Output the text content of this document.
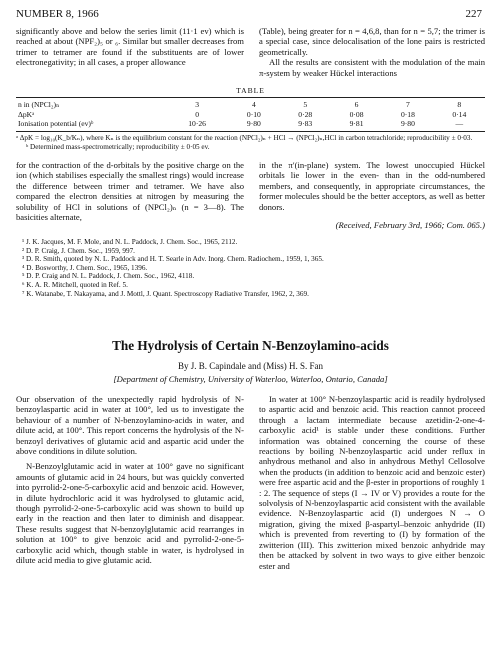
NUMBER 8, 1966	227

significantly above and below the series limit (11·1 ev) which is reached at about (NPF₂)₅ or ₆. Similar but smaller decreases from trimer to tetramer are found if the substituents are of lower electronegativity; in all cases, a proper allowance

(Table), being greater for n = 4,6,8, than for n = 5,7; the trimer is a special case, since delocalisation of the lone pairs is restricted geometrically.

All the results are consistent with the modulation of the main π-system by weaker Hückel interactions

TABLE
n in (NPCl₂)ₙ	3	4	5	6	7	8
ΔpKᵃ	0	0·10	0·28	0·08	0·18	0·14
Ionisation potential (ev)ᵇ	10·26	9·80	9·83	9·81	9·80	—
ᵃ ΔpK = log₁₀(K_b/Kₙ), where Kₙ is the equilibrium constant for the reaction (NPCl₂)ₙ + HCl → (NPCl₂)ₙ,HCl in carbon tetrachloride; reproducibility ± 0·03.
ᵇ Determined mass-spectrometrically; reproducibility ± 0·05 ev.

for the contraction of the d-orbitals by the positive charge on the ion (which stabilises especially the smallest rings) would increase the difference between trimer and tetramer. We have also compared the electron densities at nitrogen by measuring the solubility of HCl in solutions of (NPCl₂)ₙ (n = 3—8). The basicities alternate,

in the π′(in-plane) system. The lowest unoccupied Hückel orbitals lie lower in the even- than in the odd-numbered members, and consequently, in appropriate circumstances, the former molecules should be the better acceptors, as well as better donors.

(Received, February 3rd, 1966; Com. 065.)

¹ J. K. Jacques, M. F. Mole, and N. L. Paddock, J. Chem. Soc., 1965, 2112.
² D. P. Craig, J. Chem. Soc., 1959, 997.
³ D. R. Smith, quoted by N. L. Paddock and H. T. Searle in Adv. Inorg. Chem. Radiochem., 1959, 1, 365.
⁴ D. Bosworthy, J. Chem. Soc., 1965, 1396.
⁵ D. P. Craig and N. L. Paddock, J. Chem. Soc., 1962, 4118.
⁶ K. A. R. Mitchell, quoted in Ref. 5.
⁷ K. Watanabe, T. Nakayama, and J. Mottl, J. Quant. Spectroscopy Radiative Transfer, 1962, 2, 369.
The Hydrolysis of Certain N-Benzoylamino-acids
By J. B. Capindale and (Miss) H. S. Fan
[Department of Chemistry, University of Waterloo, Waterloo, Ontario, Canada]

Our observation of the unexpectedly rapid hydrolysis of N-benzoylaspartic acid in water at 100°, led us to investigate the behaviour of a number of N-benzoylamino-acids in water, and dilute acid, at 100°. This report concerns the hydrolysis of the N-benzoyl derivatives of glutamic acid and aspartic acid under the above conditions in dilute solution.

N-Benzoylglutamic acid in water at 100° gave no significant amounts of glutamic acid in 24 hours, but was quickly converted into pyrrolid-2-one-5-carboxylic acid and benzoic acid. However, in dilute hydrochloric acid it was hydrolysed to glutamic acid, though pyrrolid-2-one-5-carboxylic acid was shown to build up early in the reaction and then later to diminish and disappear. These results suggest that N-benzoylglutamic acid rearranges in solution at 100° to give benzoic acid and pyrrolid-2-one-5-carboxylic acid which, though stable in water, is hydrolysed in dilute acid media to give glutamic acid.

In water at 100° N-benzoylaspartic acid is readily hydrolysed to aspartic acid and benzoic acid. This reaction cannot proceed through a lactam intermediate because azetidin-2-one-4-carboxylic acid¹ is stable under these conditions. Further information was obtained concerning the course of these reactions by boiling N-benzoylaspartic acid under reflux in anhydrous methanol and also in anhydrous Methyl Cellosolve when the products (in addition to benzoic acid and benzoic ester) were free aspartic acid and the β-ester in proportions of roughly 1 : 2. The sequence of steps (I → IV or V) provides a route for the solvolysis of N-benzoylaspartic acid consistent with the available evidence. N-Benzoylaspartic acid (I) undergoes N → O migration, giving the mixed β-aspartyl–benzoic anhydride (II) which is prevented from reverting to (I) by formation of the zwitterion (III). This zwitterion mixed benzoic anhydride may then be attacked by solvent in two ways to give either benzoic ester and
